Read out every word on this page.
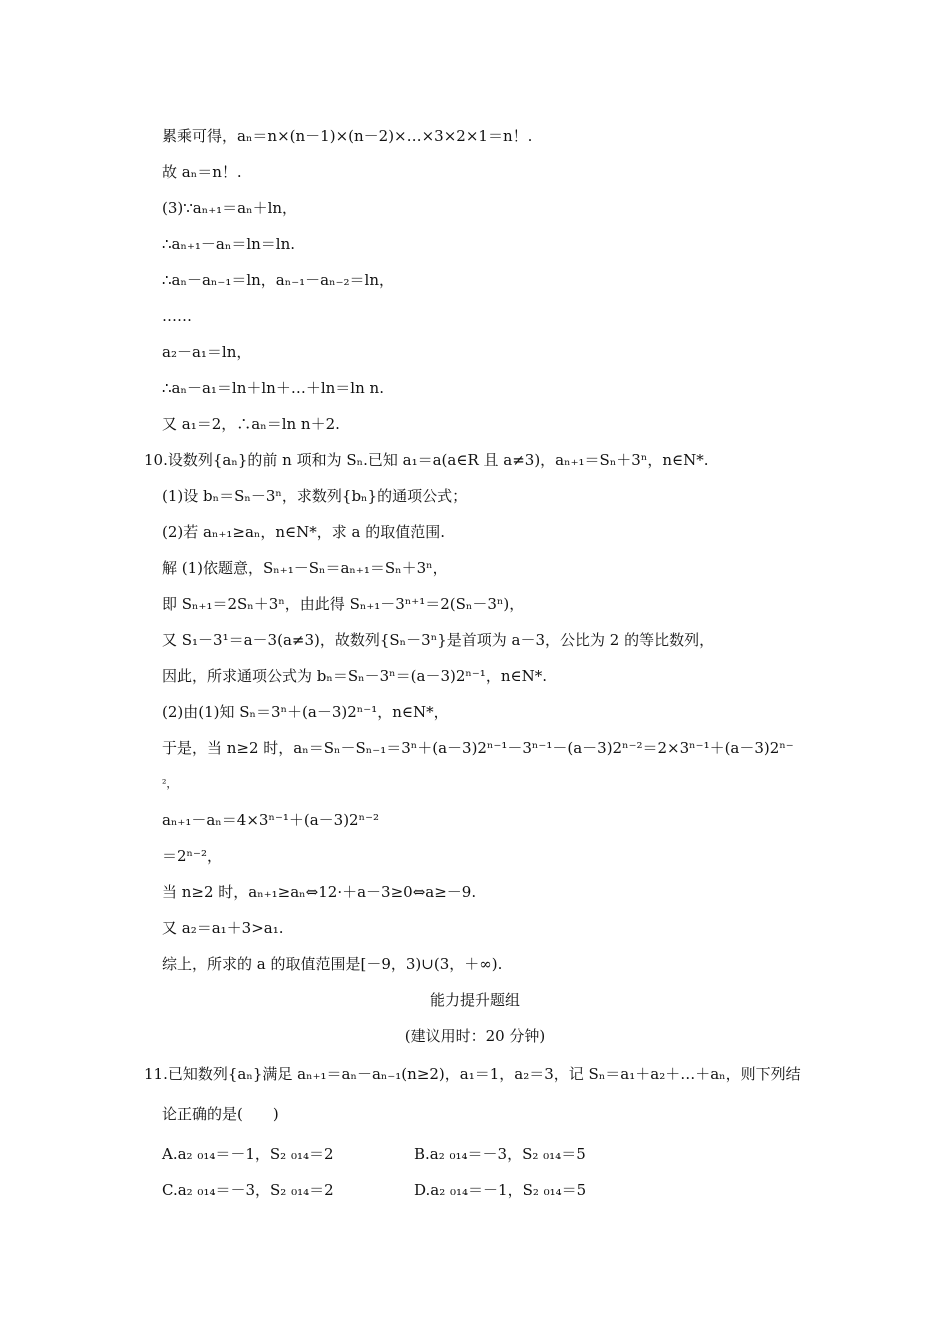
累乘可得，aₙ＝n×(n－1)×(n－2)×…×3×2×1＝n！.
故 aₙ＝n！.
(3)∵aₙ₊₁＝aₙ＋ln，
∴aₙ₊₁－aₙ＝ln＝ln.
∴aₙ－aₙ₋₁＝ln，aₙ₋₁－aₙ₋₂＝ln，
……
a₂－a₁＝ln，
∴aₙ－a₁＝ln＋ln＋…＋ln＝ln n.
又 a₁＝2，∴aₙ＝ln n＋2.
10.设数列{aₙ}的前 n 项和为 Sₙ.已知 a₁＝a(a∈R 且 a≠3)，aₙ₊₁＝Sₙ＋3ⁿ，n∈N*.
(1)设 bₙ＝Sₙ－3ⁿ，求数列{bₙ}的通项公式；
(2)若 aₙ₊₁≥aₙ，n∈N*，求 a 的取值范围.
解 (1)依题意，Sₙ₊₁－Sₙ＝aₙ₊₁＝Sₙ＋3ⁿ，
即 Sₙ₊₁＝2Sₙ＋3ⁿ，由此得 Sₙ₊₁－3ⁿ⁺¹＝2(Sₙ－3ⁿ)，
又 S₁－3¹＝a－3(a≠3)，故数列{Sₙ－3ⁿ}是首项为 a－3，公比为 2 的等比数列，
因此，所求通项公式为 bₙ＝Sₙ－3ⁿ＝(a－3)2ⁿ⁻¹，n∈N*.
(2)由(1)知 Sₙ＝3ⁿ＋(a－3)2ⁿ⁻¹，n∈N*，
于是，当 n≥2 时，aₙ＝Sₙ－Sₙ₋₁＝3ⁿ＋(a－3)2ⁿ⁻¹－3ⁿ⁻¹－(a－3)2ⁿ⁻²＝2×3ⁿ⁻¹＋(a－3)2ⁿ⁻
²，
aₙ₊₁－aₙ＝4×3ⁿ⁻¹＋(a－3)2ⁿ⁻²
＝2ⁿ⁻²，
当 n≥2 时，aₙ₊₁≥aₙ⇔12·＋a－3≥0⇔a≥－9.
又 a₂＝a₁＋3>a₁.
综上，所求的 a 的取值范围是[－9，3)∪(3，＋∞).
能力提升题组
(建议用时：20 分钟)
11.已知数列{aₙ}满足 aₙ₊₁＝aₙ－aₙ₋₁(n≥2)，a₁＝1，a₂＝3，记 Sₙ＝a₁＋a₂＋…＋aₙ，则下列结
论正确的是(　　)
A.a₂ ₀₁₄＝－1，S₂ ₀₁₄＝2	B.a₂ ₀₁₄＝－3，S₂ ₀₁₄＝5
C.a₂ ₀₁₄＝－3，S₂ ₀₁₄＝2	D.a₂ ₀₁₄＝－1，S₂ ₀₁₄＝5
